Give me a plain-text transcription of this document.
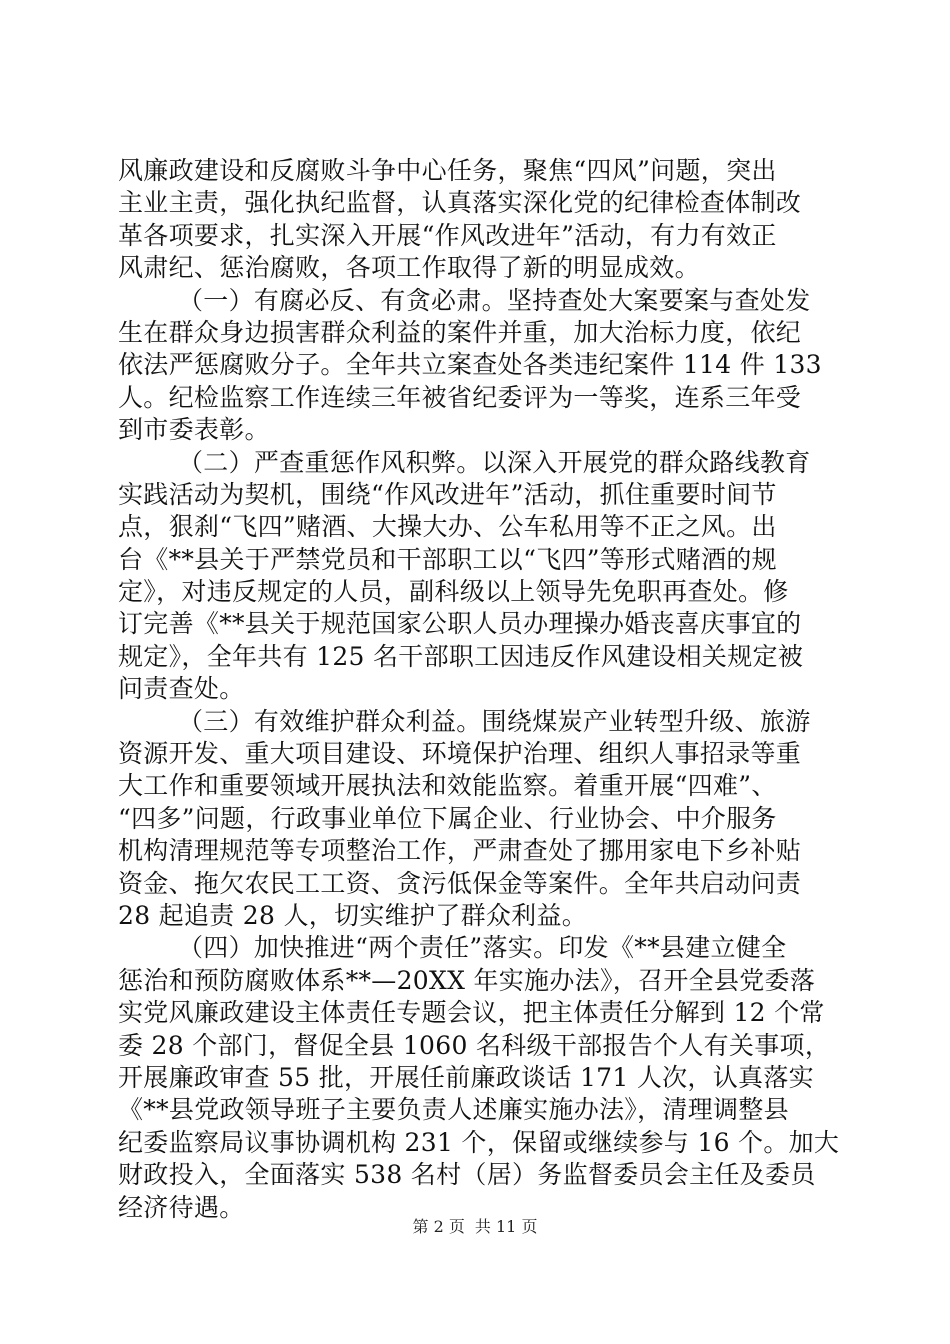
风廉政建设和反腐败斗争中心任务，聚焦“四风”问题，突出
主业主责，强化执纪监督，认真落实深化党的纪律检查体制改
革各项要求，扎实深入开展“作风改进年”活动，有力有效正
风肃纪、惩治腐败，各项工作取得了新的明显成效。
（一）有腐必反、有贪必肃。坚持查处大案要案与查处发
生在群众身边损害群众利益的案件并重，加大治标力度，依纪
依法严惩腐败分子。全年共立案查处各类违纪案件 114 件 133
人。纪检监察工作连续三年被省纪委评为一等奖，连系三年受
到市委表彰。
（二）严查重惩作风积弊。以深入开展党的群众路线教育
实践活动为契机，围绕“作风改进年”活动，抓住重要时间节
点，狠刹“飞四”赌酒、大操大办、公车私用等不正之风。出
台《**县关于严禁党员和干部职工以“飞四”等形式赌酒的规
定》，对违反规定的人员，副科级以上领导先免职再查处。修
订完善《**县关于规范国家公职人员办理操办婚丧喜庆事宜的
规定》，全年共有 125 名干部职工因违反作风建设相关规定被
问责查处。
（三）有效维护群众利益。围绕煤炭产业转型升级、旅游
资源开发、重大项目建设、环境保护治理、组织人事招录等重
大工作和重要领域开展执法和效能监察。着重开展“四难”、
“四多”问题，行政事业单位下属企业、行业协会、中介服务
机构清理规范等专项整治工作，严肃查处了挪用家电下乡补贴
资金、拖欠农民工工资、贪污低保金等案件。全年共启动问责
28 起追责 28 人，切实维护了群众利益。
（四）加快推进“两个责任”落实。印发《**县建立健全
惩治和预防腐败体系**—20XX 年实施办法》，召开全县党委落
实党风廉政建设主体责任专题会议，把主体责任分解到 12 个常
委 28 个部门，督促全县 1060 名科级干部报告个人有关事项，
开展廉政审查 55 批，开展任前廉政谈话 171 人次，认真落实
《**县党政领导班子主要负责人述廉实施办法》，清理调整县
纪委监察局议事协调机构 231 个，保留或继续参与 16 个。加大
财政投入，全面落实 538 名村（居）务监督委员会主任及委员
经济待遇。
第 2 页 共 11 页
